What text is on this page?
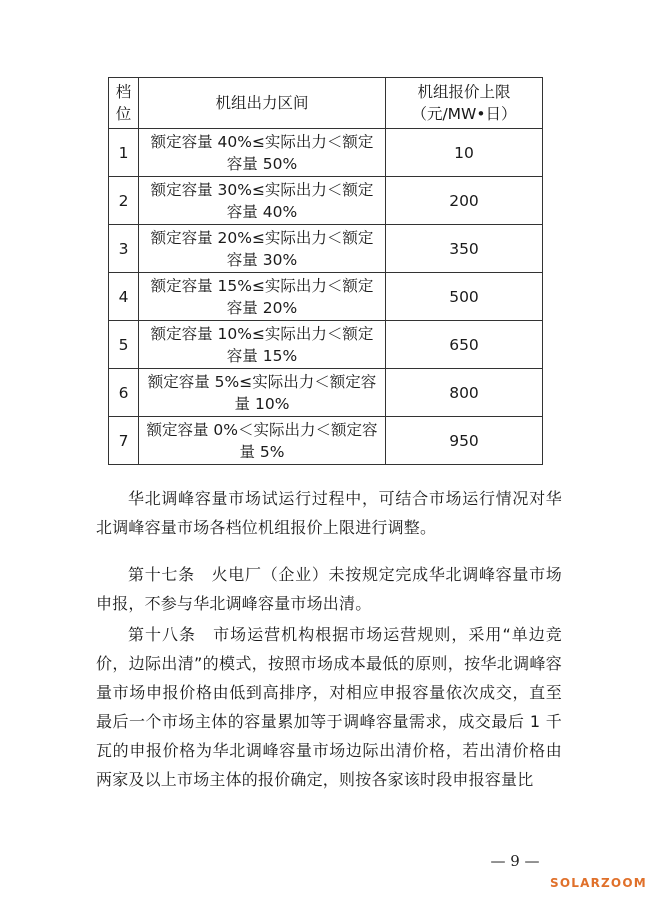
档位	机组出力区间	机组报价上限（元/MW•日）

1	额定容量 40%≤实际出力＜额定容量 50%	10

2	额定容量 30%≤实际出力＜额定容量 40%	200

3	额定容量 20%≤实际出力＜额定容量 30%	350

4	额定容量 15%≤实际出力＜额定容量 20%	500

5	额定容量 10%≤实际出力＜额定容量 15%	650

6	额定容量 5%≤实际出力＜额定容量 10%	800

7	额定容量 0%＜实际出力＜额定容量 5%	950

华北调峰容量市场试运行过程中，可结合市场运行情况对华北调峰容量市场各档位机组报价上限进行调整。

第十七条　火电厂（企业）未按规定完成华北调峰容量市场申报，不参与华北调峰容量市场出清。

第十八条　市场运营机构根据市场运营规则，采用“单边竞价，边际出清”的模式，按照市场成本最低的原则，按华北调峰容量市场申报价格由低到高排序，对相应申报容量依次成交，直至最后一个市场主体的容量累加等于调峰容量需求，成交最后 1 千瓦的申报价格为华北调峰容量市场边际出清价格，若出清价格由两家及以上市场主体的报价确定，则按各家该时段申报容量比

— 9 —
SOLARZOOM
